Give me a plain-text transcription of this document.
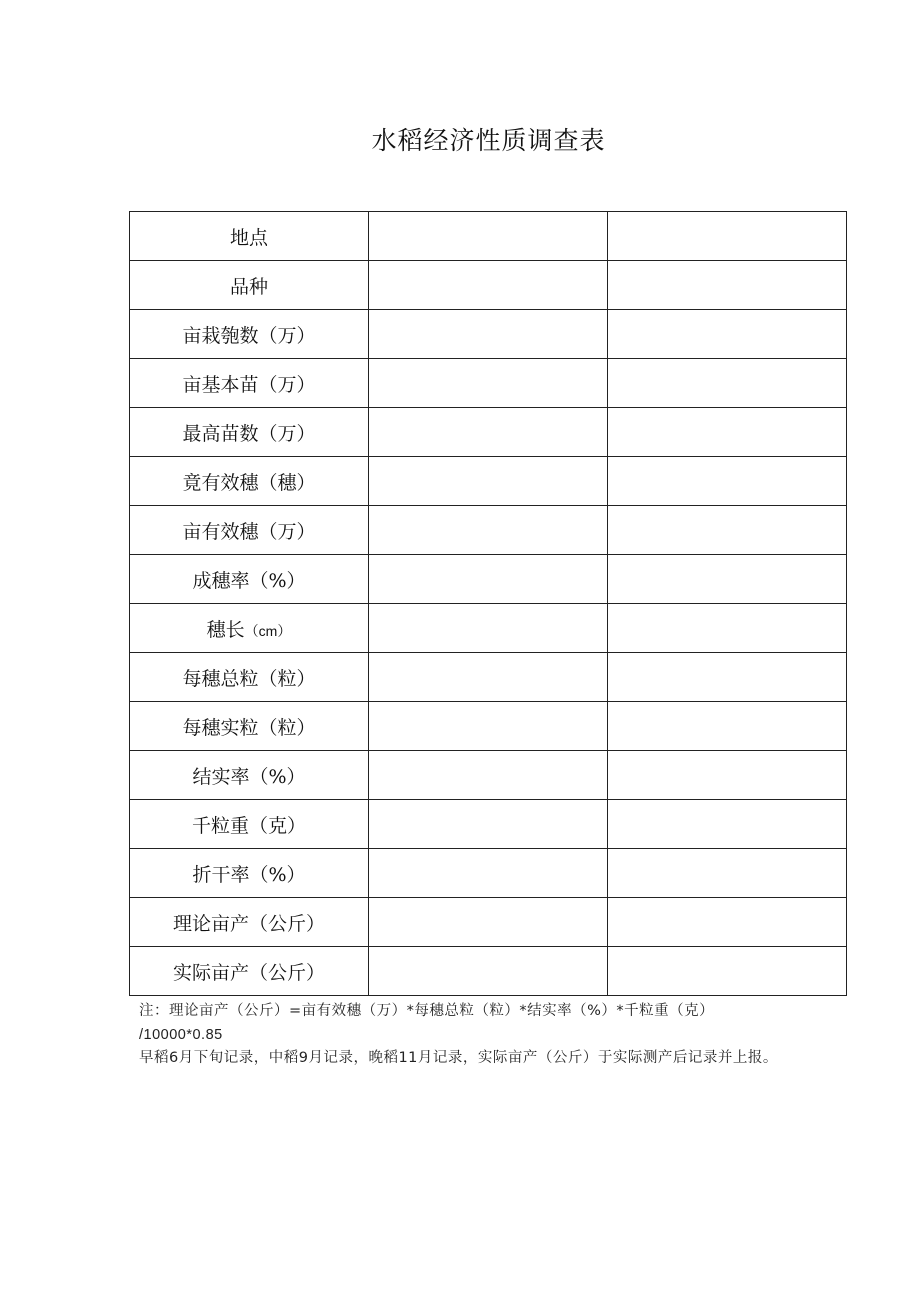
水稻经济性质调查表
地点		
品种		
亩栽匏数（万）		
亩基本苗（万）		
最高苗数（万）		
竟有效穗（穗）		
亩有效穗（万）		
成穗率（%）		
穗长（cm）		
每穗总粒（粒）		
每穗实粒（粒）		
结实率（%）		
千粒重（克）		
折干率（%）		
理论亩产（公斤）		
实际亩产（公斤）		

注：理论亩产（公斤）=亩有效穗（万）*每穗总粒（粒）*结实率（%）*千粒重（克）

/10000*0.85

早稻6月下旬记录，中稻9月记录，晚稻11月记录，实际亩产（公斤）于实际测产后记录并上报。
